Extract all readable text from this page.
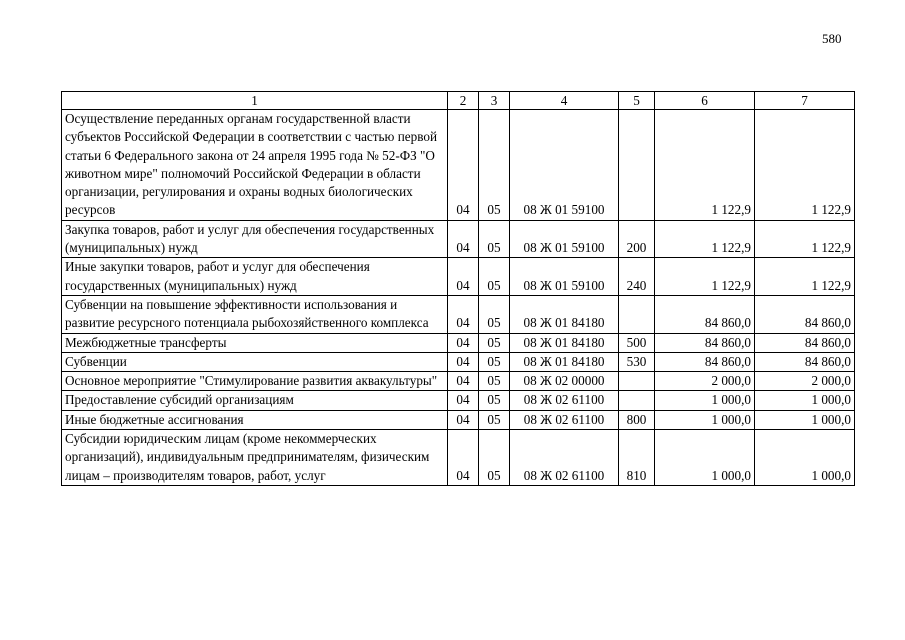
580
1	2	3	4	5	6	7
Осуществление переданных органам государственной власти субъектов Российской Федерации в соответствии с частью первой статьи 6 Федерального закона от 24 апреля 1995 года № 52-ФЗ "О животном мире" полномочий Российской Федерации в области организации, регулирования и охраны водных биологических ресурсов	04	05	08 Ж 01 59100		1 122,9	1 122,9
Закупка товаров, работ и услуг для обеспечения государственных (муниципальных) нужд	04	05	08 Ж 01 59100	200	1 122,9	1 122,9
Иные закупки товаров, работ и услуг для обеспечения государственных (муниципальных) нужд	04	05	08 Ж 01 59100	240	1 122,9	1 122,9
Субвенции на повышение эффективности использования и развитие ресурсного потенциала рыбохозяйственного комплекса	04	05	08 Ж 01 84180		84 860,0	84 860,0
Межбюджетные трансферты	04	05	08 Ж 01 84180	500	84 860,0	84 860,0
Субвенции	04	05	08 Ж 01 84180	530	84 860,0	84 860,0
Основное мероприятие "Стимулирование развития аквакультуры"	04	05	08 Ж 02 00000		2 000,0	2 000,0
Предоставление субсидий организациям	04	05	08 Ж 02 61100		1 000,0	1 000,0
Иные бюджетные ассигнования	04	05	08 Ж 02 61100	800	1 000,0	1 000,0
Субсидии юридическим лицам (кроме некоммерческих организаций), индивидуальным предпринимателям, физическим лицам – производителям товаров, работ, услуг	04	05	08 Ж 02 61100	810	1 000,0	1 000,0
